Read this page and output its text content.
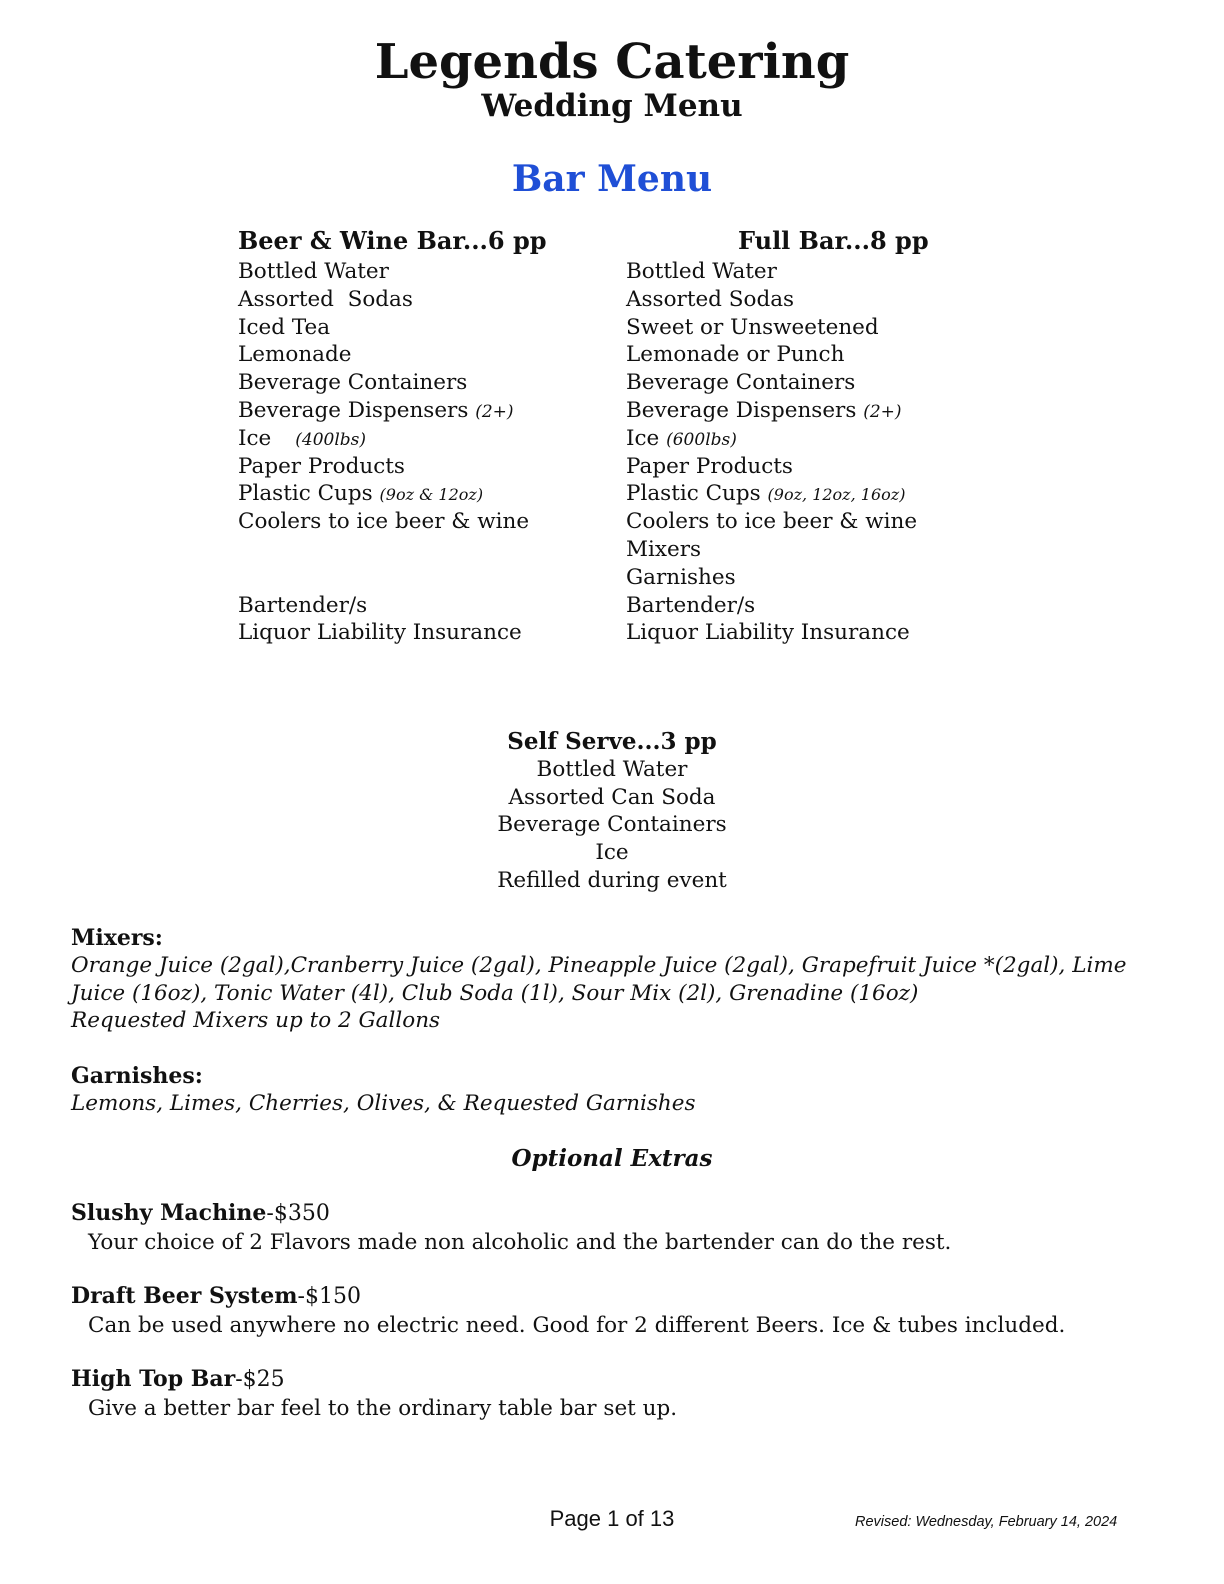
Legends Catering
Wedding Menu
Bar Menu
Beer & Wine Bar...6 pp
Bottled Water
Assorted  Sodas
Iced Tea
Lemonade
Beverage Containers
Beverage Dispensers (2+)
Ice (400lbs)
Paper Products
Plastic Cups (9oz & 12oz)
Coolers to ice beer & wine
Bartender/s
Liquor Liability Insurance
Full Bar...8 pp
Bottled Water
Assorted Sodas
Sweet or Unsweetened
Lemonade or Punch
Beverage Containers
Beverage Dispensers (2+)
Ice (600lbs)
Paper Products
Plastic Cups (9oz, 12oz, 16oz)
Coolers to ice beer & wine
Mixers
Garnishes
Bartender/s
Liquor Liability Insurance
Self Serve...3 pp
Bottled Water
Assorted Can Soda
Beverage Containers
Ice
Refilled during event
Mixers:
Orange Juice (2gal),Cranberry Juice (2gal), Pineapple Juice (2gal), Grapefruit Juice *(2gal), Lime
Juice (16oz), Tonic Water (4l), Club Soda (1l), Sour Mix (2l), Grenadine (16oz)
Requested Mixers up to 2 Gallons
Garnishes:
Lemons, Limes, Cherries, Olives, & Requested Garnishes
Optional Extras
Slushy Machine-$350
Your choice of 2 Flavors made non alcoholic and the bartender can do the rest.
Draft Beer System-$150
Can be used anywhere no electric need. Good for 2 different Beers. Ice & tubes included.
High Top Bar-$25
Give a better bar feel to the ordinary table bar set up.
Page 1 of 13	Revised: Wednesday, February 14, 2024
